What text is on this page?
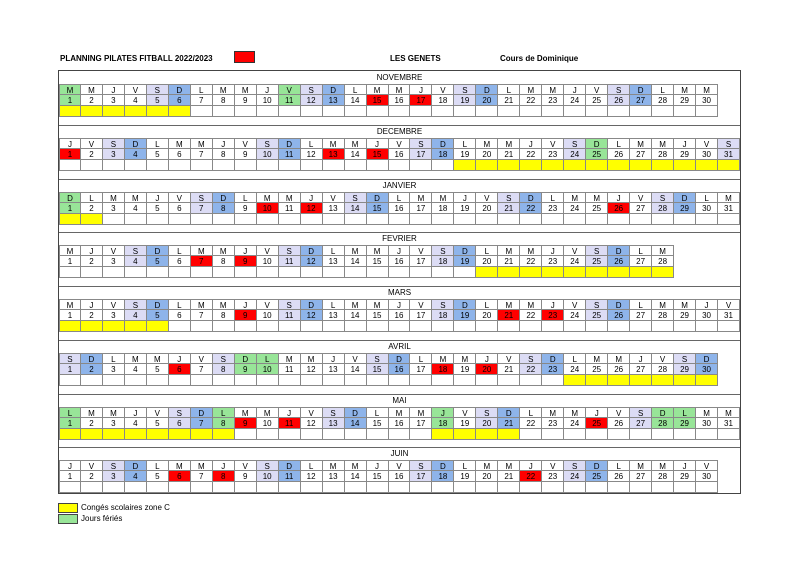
PLANNING PILATES FITBALL 2022/2023	LES GENETS	Cours de Dominique
NOVEMBRE
M
1
M
2
J
3
V
4
S
5
D
6
L
7
M
8
M
9
J
10
V
11
S
12
D
13
L
14
M
15
M
16
J
17
V
18
S
19
D
20
L
21
M
22
M
23
J
24
V
25
S
26
D
27
L
28
M
29
M
30
DECEMBRE
J
1
V
2
S
3
D
4
L
5
M
6
M
7
J
8
V
9
S
10
D
11
L
12
M
13
M
14
J
15
V
16
S
17
D
18
L
19
M
20
M
21
J
22
V
23
S
24
D
25
L
26
M
27
M
28
J
29
V
30
S
31
JANVIER
D
1
L
2
M
3
M
4
J
5
V
6
S
7
D
8
L
9
M
10
M
11
J
12
V
13
S
14
D
15
L
16
M
17
M
18
J
19
V
20
S
21
D
22
L
23
M
24
M
25
J
26
V
27
S
28
D
29
L
30
M
31
FEVRIER
M
1
J
2
V
3
S
4
D
5
L
6
M
7
M
8
J
9
V
10
S
11
D
12
L
13
M
14
M
15
J
16
V
17
S
18
D
19
L
20
M
21
M
22
J
23
V
24
S
25
D
26
L
27
M
28
MARS
M
1
J
2
V
3
S
4
D
5
L
6
M
7
M
8
J
9
V
10
S
11
D
12
L
13
M
14
M
15
J
16
V
17
S
18
D
19
L
20
M
21
M
22
J
23
V
24
S
25
D
26
L
27
M
28
M
29
J
30
V
31
AVRIL
S
1
D
2
L
3
M
4
M
5
J
6
V
7
S
8
D
9
L
10
M
11
M
12
J
13
V
14
S
15
D
16
L
17
M
18
M
19
J
20
V
21
S
22
D
23
L
24
M
25
M
26
J
27
V
28
S
29
D
30
MAI
L
1
M
2
M
3
J
4
V
5
S
6
D
7
L
8
M
9
M
10
J
11
V
12
S
13
D
14
L
15
M
16
M
17
J
18
V
19
S
20
D
21
L
22
M
23
M
24
J
25
V
26
S
27
D
28
L
29
M
30
M
31
JUIN
J
1
V
2
S
3
D
4
L
5
M
6
M
7
J
8
V
9
S
10
D
11
L
12
M
13
M
14
J
15
V
16
S
17
D
18
L
19
M
20
M
21
J
22
V
23
S
24
D
25
L
26
M
27
M
28
J
29
V
30
Congés scolaires zone C
Jours fériés
